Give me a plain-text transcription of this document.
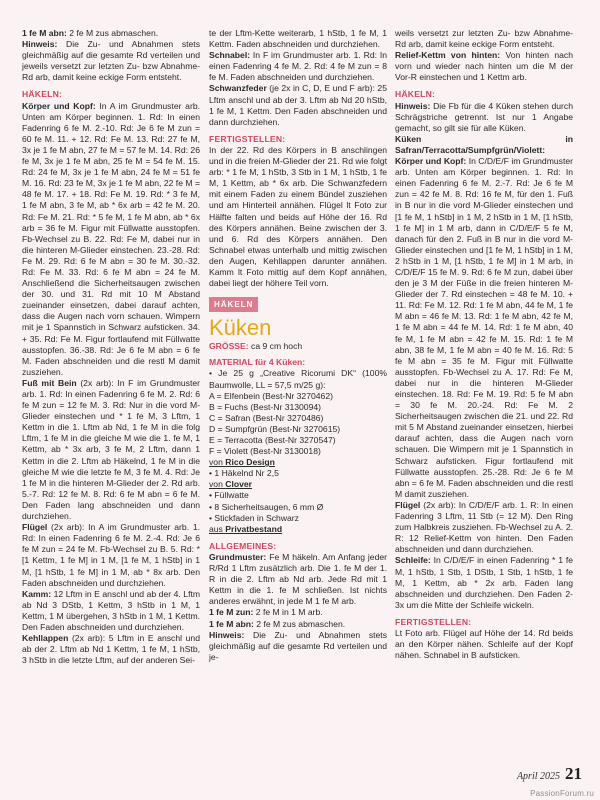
1 fe M abn: 2 fe M zus abmaschen.

Hinweis: Die Zu- und Abnahmen stets gleichmäßig auf die gesamte Rd verteilen und jeweils versetzt zur letzten Zu- bzw Abnahme-Rd arb, damit keine eckige Form entsteht.

HÄKELN:

Körper und Kopf: In A im Grundmuster arb. Unten am Körper beginnen. 1. Rd: In einen Fadenring 6 fe M. 2.-10. Rd: Je 6 fe M zun = 60 fe M. 11. + 12. Rd: Fe M. 13. Rd: 27 fe M, 3x je 1 fe M abn, 27 fe M = 57 fe M. 14. Rd: 26 fe M, 3x je 1 fe M abn, 25 fe M = 54 fe M. 15. Rd: 24 fe M, 3x je 1 fe M abn, 24 fe M = 51 fe M. 16. Rd: 23 fe M, 3x je 1 fe M abn, 22 fe M = 48 fe M. 17. + 18. Rd: Fe M. 19. Rd: * 3 fe M, 1 fe M abn, 3 fe M, ab * 6x arb = 42 fe M. 20. Rd: Fe M. 21. Rd: * 5 fe M, 1 fe M abn, ab * 6x arb = 36 fe M. Figur mit Füllwatte ausstopfen. Fb-Wechsel zu B. 22. Rd: Fe M, dabei nur in die hinteren M-Glieder einstechen. 23.-28. Rd: Fe M. 29. Rd: 6 fe M abn = 30 fe M. 30.-32. Rd: Fe M. 33. Rd: 6 fe M abn = 24 fe M. Anschließend die Sicherheitsaugen zwischen der 30. und 31. Rd mit 10 M Abstand zueinander einsetzen, dabei darauf achten, dass die Augen nach vorn schauen. Wimpern mit je 1 Spannstich in Schwarz aufsticken. 34. + 35. Rd: Fe M. Figur fortlaufend mit Füllwatte ausstopfen. 36.-38. Rd: Je 6 fe M abn = 6 fe M. Faden abschneiden und die restl M damit zusziehen.

Fuß mit Bein (2x arb): In F im Grundmuster arb. 1. Rd: In einen Fadenring 6 fe M. 2. Rd: 6 fe M zun = 12 fe M. 3. Rd: Nur in die vord M-Glieder einstechen und * 1 fe M, 3 Lftm, 1 Kettm in die 1. Lftm ab Nd, 1 fe M in die folg Lftm, 1 fe M in die gleiche M wie die 1. fe M, 1 Kettm, ab * 3x arb, 3 fe M, 2 Lftm, dann 1 Kettm in die 2. Lftm ab Häkelnd, 1 fe M in die gleiche M wie die letzte fe M, 3 fe M. 4. Rd: Je 1 fe M in die hinteren M-Glieder der 2. Rd arb. 5.-7. Rd: 12 fe M. 8. Rd: 6 fe M abn = 6 fe M. Den Faden lang abschneiden und dann durchziehen.

Flügel (2x arb): In A im Grundmuster arb. 1. Rd: In einen Fadenring 6 fe M. 2.-4. Rd: Je 6 fe M zun = 24 fe M. Fb-Wechsel zu B. 5. Rd: * [1 Kettm, 1 fe M] in 1 M, [1 fe M, 1 hStb] in 1 M, [1 hStb, 1 fe M] in 1 M, ab * 8x arb. Den Faden abschneiden und durchziehen.

Kamm: 12 Lftm in E anschl und ab der 4. Lftm ab Nd 3 DStb, 1 Kettm, 3 hStb in 1 M, 1 Kettm, 1 M übergehen, 3 hStb in 1 M, 1 Kettm. Den Faden abschneiden und durchziehen.

Kehllappen (2x arb): 5 Lftm in E anschl und ab der 2. Lftm ab Nd 1 Kettm, 1 fe M, 1 hStb, 3 hStb in die letzte Lftm, auf der anderen Sei-

te der Lftm-Kette weiterarb, 1 hStb, 1 fe M, 1 Kettm. Faden abschneiden und durchziehen.

Schnabel: In F im Grundmuster arb. 1. Rd: In einen Fadenring 4 fe M. 2. Rd: 4 fe M zun = 8 fe M. Faden abschneiden und durchziehen.

Schwanzfeder (je 2x in C, D, E und F arb): 25 Lftm anschl und ab der 3. Lftm ab Nd 20 hStb, 1 fe M, 1 Kettm. Den Faden abschneiden und dann durchziehen.

FERTIGSTELLEN:

In der 22. Rd des Körpers in B anschlingen und in die freien M-Glieder der 21. Rd wie folgt arb: * 1 fe M, 1 hStb, 3 Stb in 1 M, 1 hStb, 1 fe M, 1 Kettm, ab * 6x arb. Die Schwanzfedern mit einem Faden zu einem Bündel zusziehen und am Hinterteil annähen. Flügel lt Foto zur Hälfte falten und beids auf Höhe der 16. Rd des Körpers annähen. Beine zwischen der 3. und 6. Rd des Körpers annähen. Den Schnabel etwas unterhalb und mittig zwischen den Augen, Kehllappen darunter annähen. Kamm lt Foto mittig auf dem Kopf annähen, dabei liegt der höhere Teil vorn.

HÄKELN
Küken

GRÖSSE: ca 9 cm hoch

MATERIAL für 4 Küken:

• Je 25 g „Creative Ricorumi DK“ (100% Baumwolle, LL = 57,5 m/25 g):

A = Elfenbein (Best-Nr 3270462)

B = Fuchs (Best-Nr 3130094)

C = Safran (Best-Nr 3270486)

D = Sumpfgrün (Best-Nr 3270615)

E = Terracotta (Best-Nr 3270547)

F = Violett (Best-Nr 3130018)

von Rico Design

• 1 Häkelnd Nr 2,5

von Clover

• Füllwatte

• 8 Sicherheitsaugen, 6 mm Ø

• Stickfaden in Schwarz

aus Privatbestand

ALLGEMEINES:

Grundmuster: Fe M häkeln. Am Anfang jeder R/Rd 1 Lftm zusätzlich arb. Die 1. fe M der 1. R in die 2. Lftm ab Nd arb. Jede Rd mit 1 Kettm in die 1. fe M schließen. Ist nichts anderes erwähnt, in jede M 1 fe M arb.

1 fe M zun: 2 fe M in 1 M arb.

1 fe M abn: 2 fe M zus abmaschen.

Hinweis: Die Zu- und Abnahmen stets gleichmäßig auf die gesamte Rd verteilen und je-

weils versetzt zur letzten Zu- bzw Abnahme-Rd arb, damit keine eckige Form entsteht.

Relief-Kettm von hinten: Von hinten nach vorn und wieder nach hinten um die M der Vor-R einstechen und 1 Kettm arb.

HÄKELN:

Hinweis: Die Fb für die 4 Küken stehen durch Schrägstriche getrennt. Ist nur 1 Angabe gemacht, so gilt sie für alle Küken.

Küken in Safran/Terracotta/Sumpfgrün/Violett:

Körper und Kopf: In C/D/E/F im Grundmuster arb. Unten am Körper beginnen. 1. Rd: In einen Fadenring 6 fe M. 2.-7. Rd: Je 6 fe M zun = 42 fe M. 8. Rd: 16 fe M, für den 1. Fuß in B nur in die vord M-Glieder einstechen und [1 fe M, 1 hStb] in 1 M, 2 hStb in 1 M, [1 hStb, 1 fe M] in 1 M arb, dann in C/D/E/F 5 fe M, danach für den 2. Fuß in B nur in die vord M-Glieder einstechen und [1 fe M, 1 hStb] in 1 M, 2 hStb in 1 M, [1 hStb, 1 fe M] in 1 M arb, in C/D/E/F 15 fe M. 9. Rd: 6 fe M zun, dabei über den je 3 M der Füße in die freien hinteren M-Glieder der 7. Rd einstechen = 48 fe M. 10. + 11. Rd: Fe M. 12. Rd: 1 fe M abn, 44 fe M, 1 fe M abn = 46 fe M. 13. Rd: 1 fe M abn, 42 fe M, 1 fe M abn = 44 fe M. 14. Rd: 1 fe M abn, 40 fe M, 1 fe M abn = 42 fe M. 15. Rd: 1 fe M abn, 38 fe M, 1 fe M abn = 40 fe M. 16. Rd: 5 fe M abn = 35 fe M. Figur mit Füllwatte ausstopfen. Fb-Wechsel zu A. 17. Rd: Fe M, dabei nur in die hinteren M-Glieder einstechen. 18. Rd: Fe M. 19. Rd: 5 fe M abn = 30 fe M. 20.-24. Rd: Fe M. 2 Sicherheitsaugen zwischen die 21. und 22. Rd mit 5 M Abstand zueinander einsetzen, hierbei darauf achten, dass die Augen nach vorn schauen. Die Wimpern mit je 1 Spannstich in Schwarz aufsticken. Figur fortlaufend mit Füllwatte ausstopfen. 25.-28. Rd: Je 6 fe M abn = 6 fe M. Faden abschneiden und die restl M damit zusziehen.

Flügel (2x arb): In C/D/E/F arb. 1. R: In einen Fadenring 3 Lftm, 11 Stb (= 12 M). Den Ring zum Halbkreis zusziehen. Fb-Wechsel zu A. 2. R: 12 Relief-Kettm von hinten. Den Faden abschneiden und dann durchziehen.

Schleife: In C/D/E/F in einen Fadenring * 1 fe M, 1 hStb, 1 Stb, 1 DStb, 1 Stb, 1 hStb, 1 fe M, 1 Kettm, ab * 2x arb. Faden lang abschneiden und durchziehen. Den Faden 2-3x um die Mitte der Schleife wickeln.

FERTIGSTELLEN:

Lt Foto arb. Flügel auf Höhe der 14. Rd beids an den Körper nähen. Schleife auf der Kopf nähen. Schnabel in B aufsticken.

April 2025 21
PassionForum.ru
